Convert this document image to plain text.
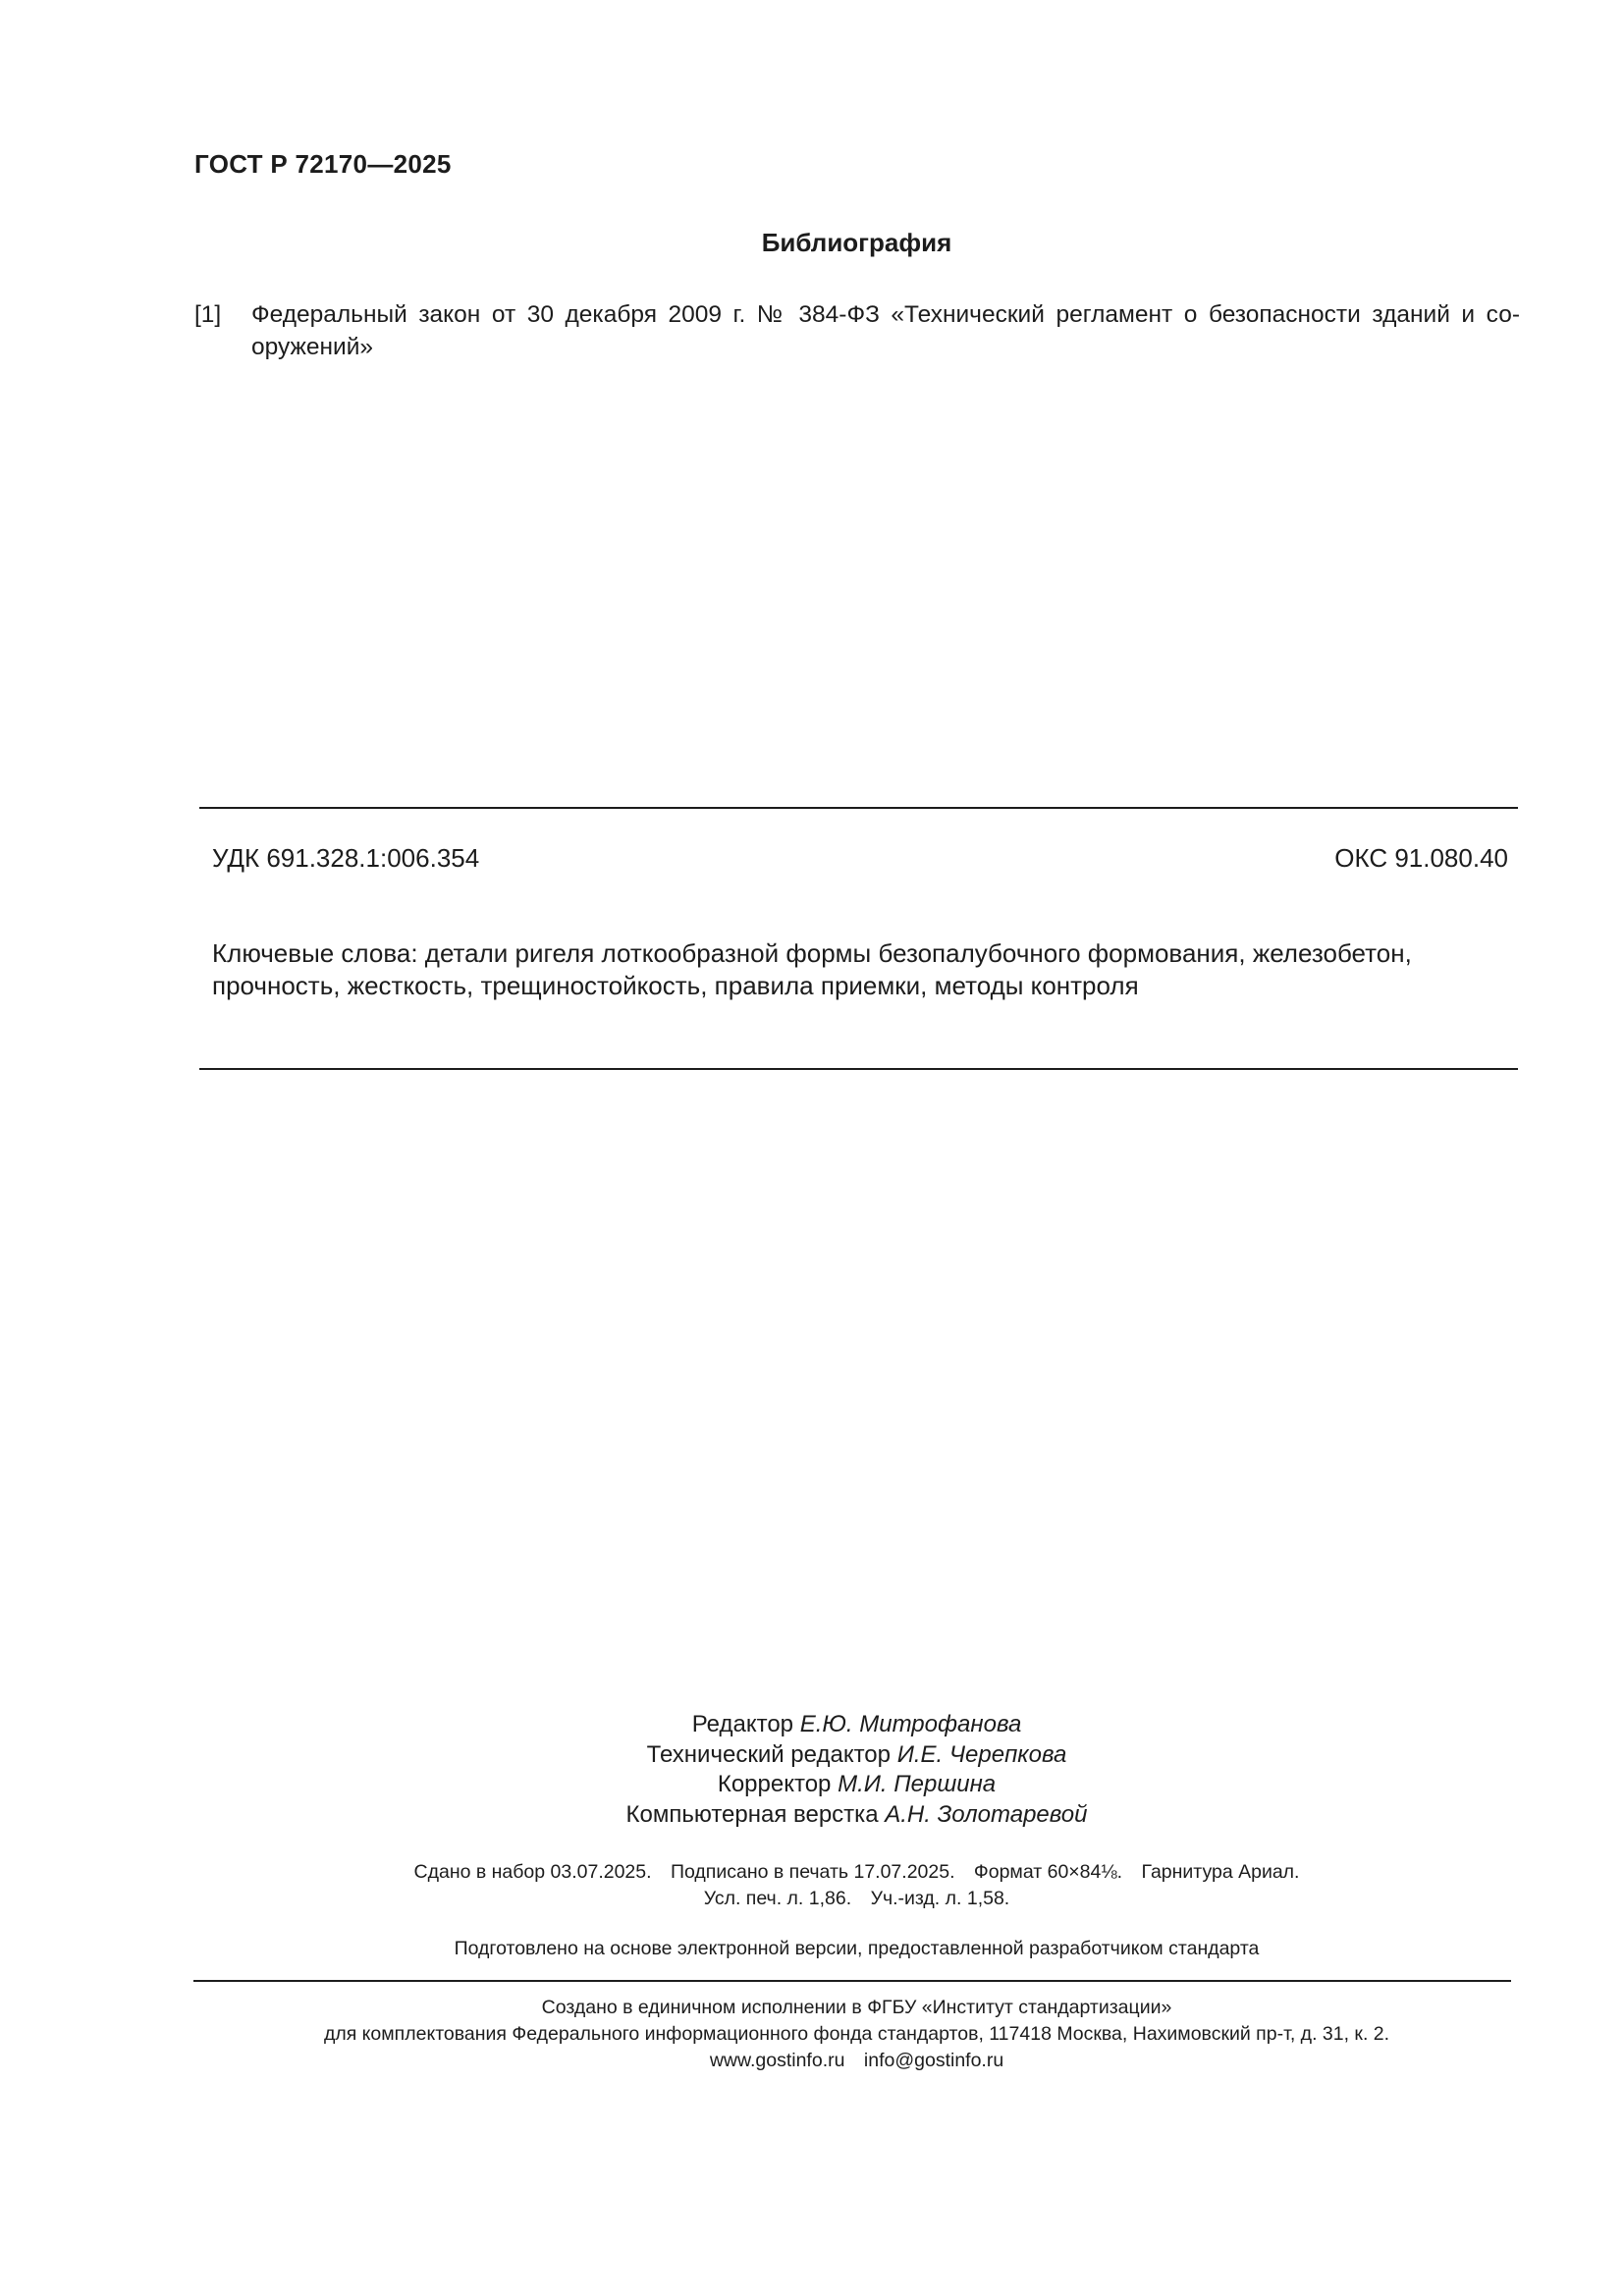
ГОСТ Р 72170—2025
Библиография
[1]	Федеральный закон от 30 декабря 2009 г. № 384-ФЗ «Технический регламент о безопасности зданий и сооружений»
УДК 691.328.1:006.354	ОКС 91.080.40
Ключевые слова: детали ригеля лоткообразной формы безопалубочного формования, железобетон, прочность, жесткость, трещиностойкость, правила приемки, методы контроля
Редактор Е.Ю. Митрофанова
Технический редактор И.Е. Черепкова
Корректор М.И. Першина
Компьютерная верстка А.Н. Золотаревой
Сдано в набор 03.07.2025. Подписано в печать 17.07.2025. Формат 60×84⅛. Гарнитура Ариал.
Усл. печ. л. 1,86. Уч.-изд. л. 1,58.
Подготовлено на основе электронной версии, предоставленной разработчиком стандарта
Создано в единичном исполнении в ФГБУ «Институт стандартизации»
для комплектования Федерального информационного фонда стандартов, 117418 Москва, Нахимовский пр-т, д. 31, к. 2.
www.gostinfo.ru info@gostinfo.ru
